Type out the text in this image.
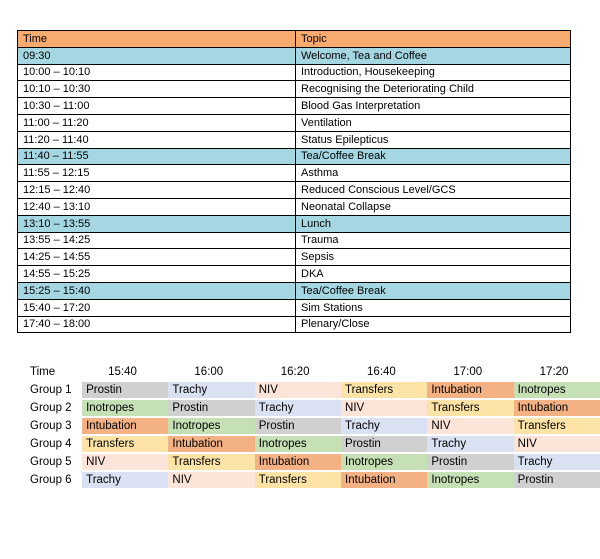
Time	Topic
09:30	Welcome, Tea and Coffee
10:00 – 10:10	Introduction, Housekeeping
10:10 – 10:30	Recognising the Deteriorating Child
10:30 – 11:00	Blood Gas Interpretation
11:00 – 11:20	Ventilation
11:20 – 11:40	Status Epilepticus
11:40 – 11:55	Tea/Coffee Break
11:55 – 12:15	Asthma
12:15 – 12:40	Reduced Conscious Level/GCS
12:40 – 13:10	Neonatal Collapse
13:10 – 13:55	Lunch
13:55 – 14:25	Trauma
14:25 – 14:55	Sepsis
14:55 – 15:25	DKA
15:25 – 15:40	Tea/Coffee Break
15:40 – 17:20	Sim Stations
17:40 – 18:00	Plenary/Close
Time	15:40	16:00	16:20	16:40	17:00	17:20
Group 1	Prostin	Trachy	NIV	Transfers	Intubation	Inotropes
Group 2	Inotropes	Prostin	Trachy	NIV	Transfers	Intubation
Group 3	Intubation	Inotropes	Prostin	Trachy	NIV	Transfers
Group 4	Transfers	Intubation	Inotropes	Prostin	Trachy	NIV
Group 5	NIV	Transfers	Intubation	Inotropes	Prostin	Trachy
Group 6	Trachy	NIV	Transfers	Intubation	Inotropes	Prostin
